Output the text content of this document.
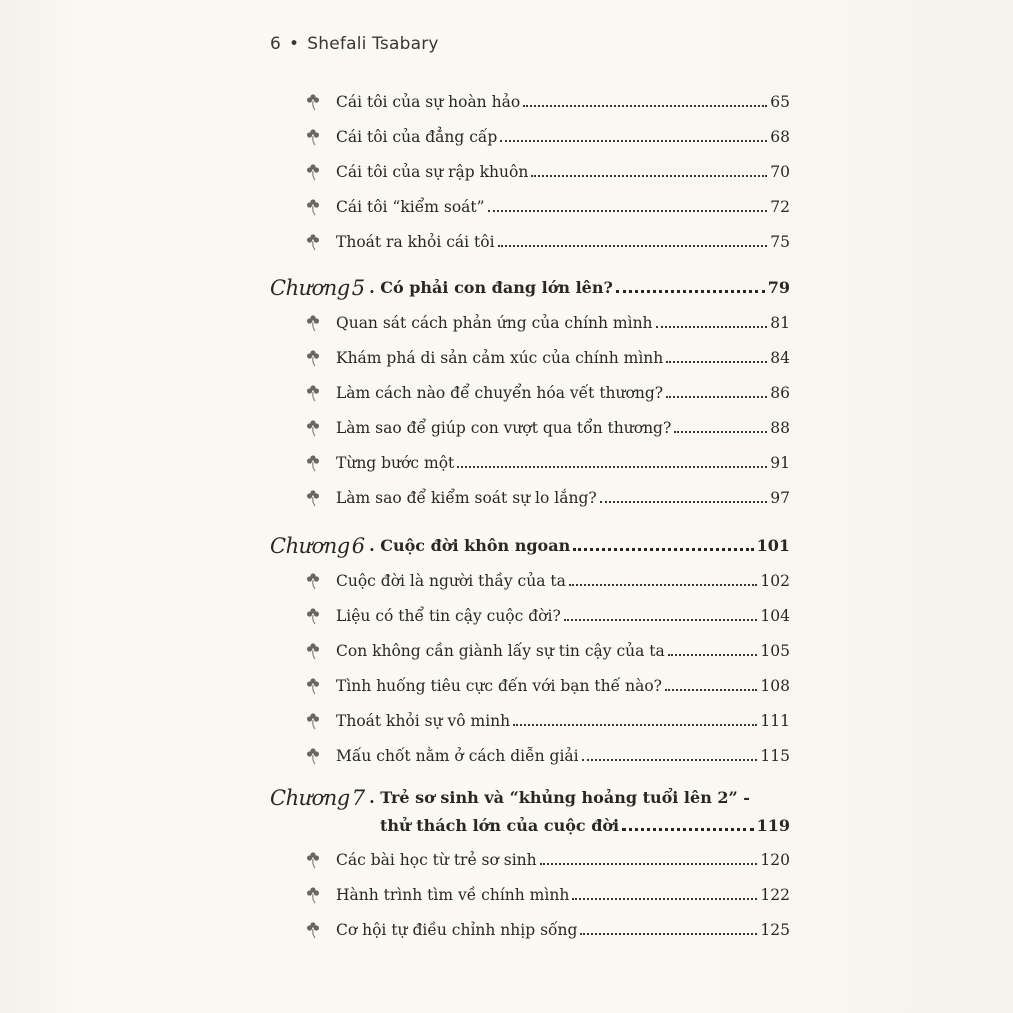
6 • Shefali Tsabary
Cái tôi của sự hoàn hảo	65
Cái tôi của đẳng cấp	68
Cái tôi của sự rập khuôn	70
Cái tôi “kiểm soát”	72
Thoát ra khỏi cái tôi	75
Chương 5 . Có phải con đang lớn lên?	79
Quan sát cách phản ứng của chính mình	81
Khám phá di sản cảm xúc của chính mình	84
Làm cách nào để chuyển hóa vết thương?	86
Làm sao để giúp con vượt qua tổn thương?	88
Từng bước một	91
Làm sao để kiểm soát sự lo lắng?	97
Chương 6 . Cuộc đời khôn ngoan	101
Cuộc đời là người thầy của ta	102
Liệu có thể tin cậy cuộc đời?	104
Con không cần giành lấy sự tin cậy của ta	105
Tình huống tiêu cực đến với bạn thế nào?	108
Thoát khỏi sự vô minh	111
Mấu chốt nằm ở cách diễn giải	115
Chương 7 . Trẻ sơ sinh và “khủng hoảng tuổi lên 2” -
thử thách lớn của cuộc đời	119
Các bài học từ trẻ sơ sinh	120
Hành trình tìm về chính mình	122
Cơ hội tự điều chỉnh nhịp sống	125
